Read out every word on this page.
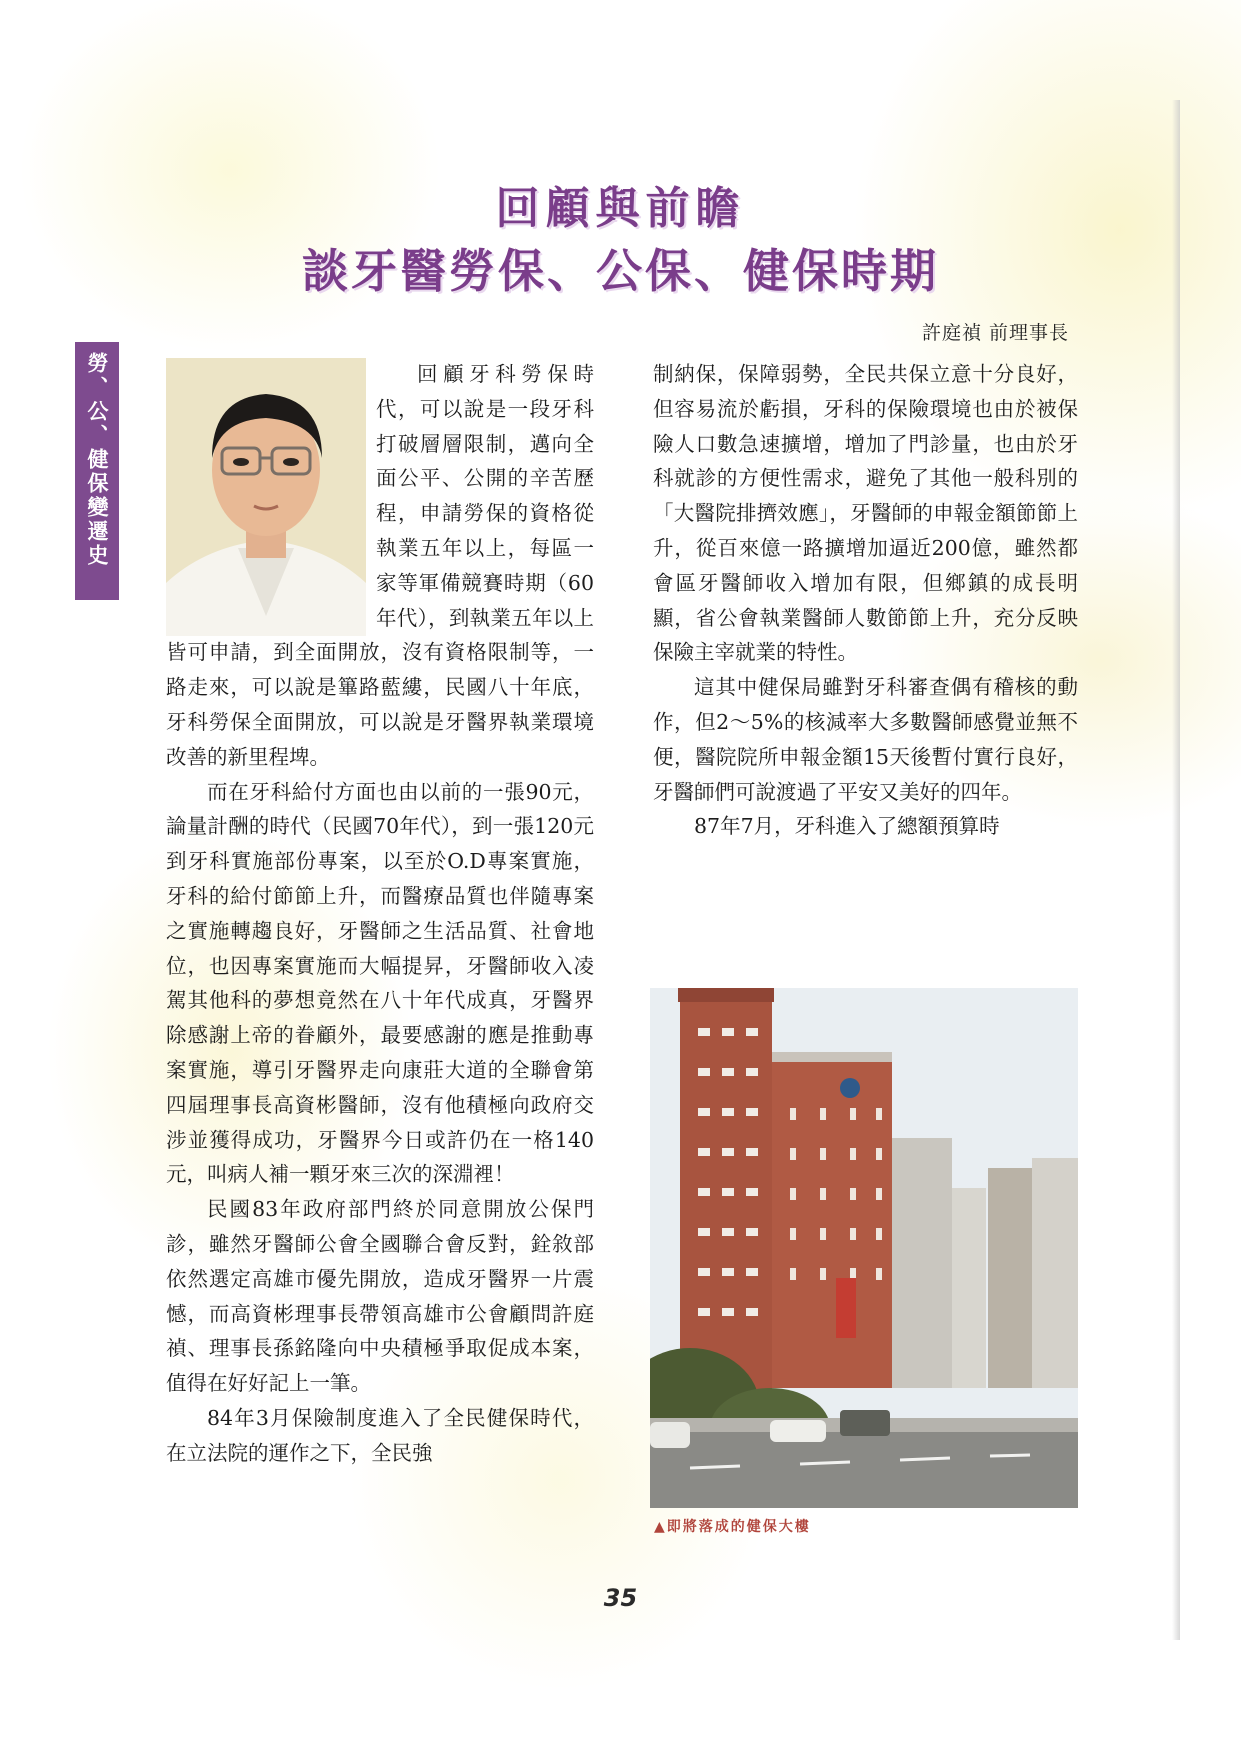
回顧與前瞻
談牙醫勞保、公保、健保時期
許庭禎 前理事長
勞、公、健保變遷史	回顧牙科勞保時代，可以說是一段牙科打破層層限制，邁向全面公平、公開的辛苦歷程，申請勞保的資格從執業五年以上，每區一家等軍備競賽時期（60年代），到執業五年以上皆可申請，到全面開放，沒有資格限制等，一路走來，可以說是篳路藍縷，民國八十年底，牙科勞保全面開放，可以說是牙醫界執業環境改善的新里程埤。

而在牙科給付方面也由以前的一張90元，論量計酬的時代（民國70年代），到一張120元到牙科實施部份專案，以至於O.D專案實施，牙科的給付節節上升，而醫療品質也伴隨專案之實施轉趨良好，牙醫師之生活品質、社會地位，也因專案實施而大幅提昇，牙醫師收入凌駕其他科的夢想竟然在八十年代成真，牙醫界除感謝上帝的眷顧外，最要感謝的應是推動專案實施，導引牙醫界走向康莊大道的全聯會第四屆理事長高資彬醫師，沒有他積極向政府交涉並獲得成功，牙醫界今日或許仍在一格140元，叫病人補一顆牙來三次的深淵裡！

民國83年政府部門終於同意開放公保門診，雖然牙醫師公會全國聯合會反對，銓敘部依然選定高雄市優先開放，造成牙醫界一片震憾，而高資彬理事長帶領高雄市公會顧問許庭禎、理事長孫銘隆向中央積極爭取促成本案，值得在好好記上一筆。

84年3月保險制度進入了全民健保時代，在立法院的運作之下，全民強

制納保，保障弱勢，全民共保立意十分良好，但容易流於虧損，牙科的保險環境也由於被保險人口數急速擴增，增加了門診量，也由於牙科就診的方便性需求，避免了其他一般科別的「大醫院排擠效應」，牙醫師的申報金額節節上升，從百來億一路擴增加逼近200億，雖然都會區牙醫師收入增加有限，但鄉鎮的成長明顯，省公會執業醫師人數節節上升，充分反映保險主宰就業的特性。

這其中健保局雖對牙科審查偶有稽核的動作，但2～5%的核減率大多數醫師感覺並無不便，醫院院所申報金額15天後暫付實行良好，牙醫師們可說渡過了平安又美好的四年。

87年7月，牙科進入了總額預算時

▲即將落成的健保大樓
35
